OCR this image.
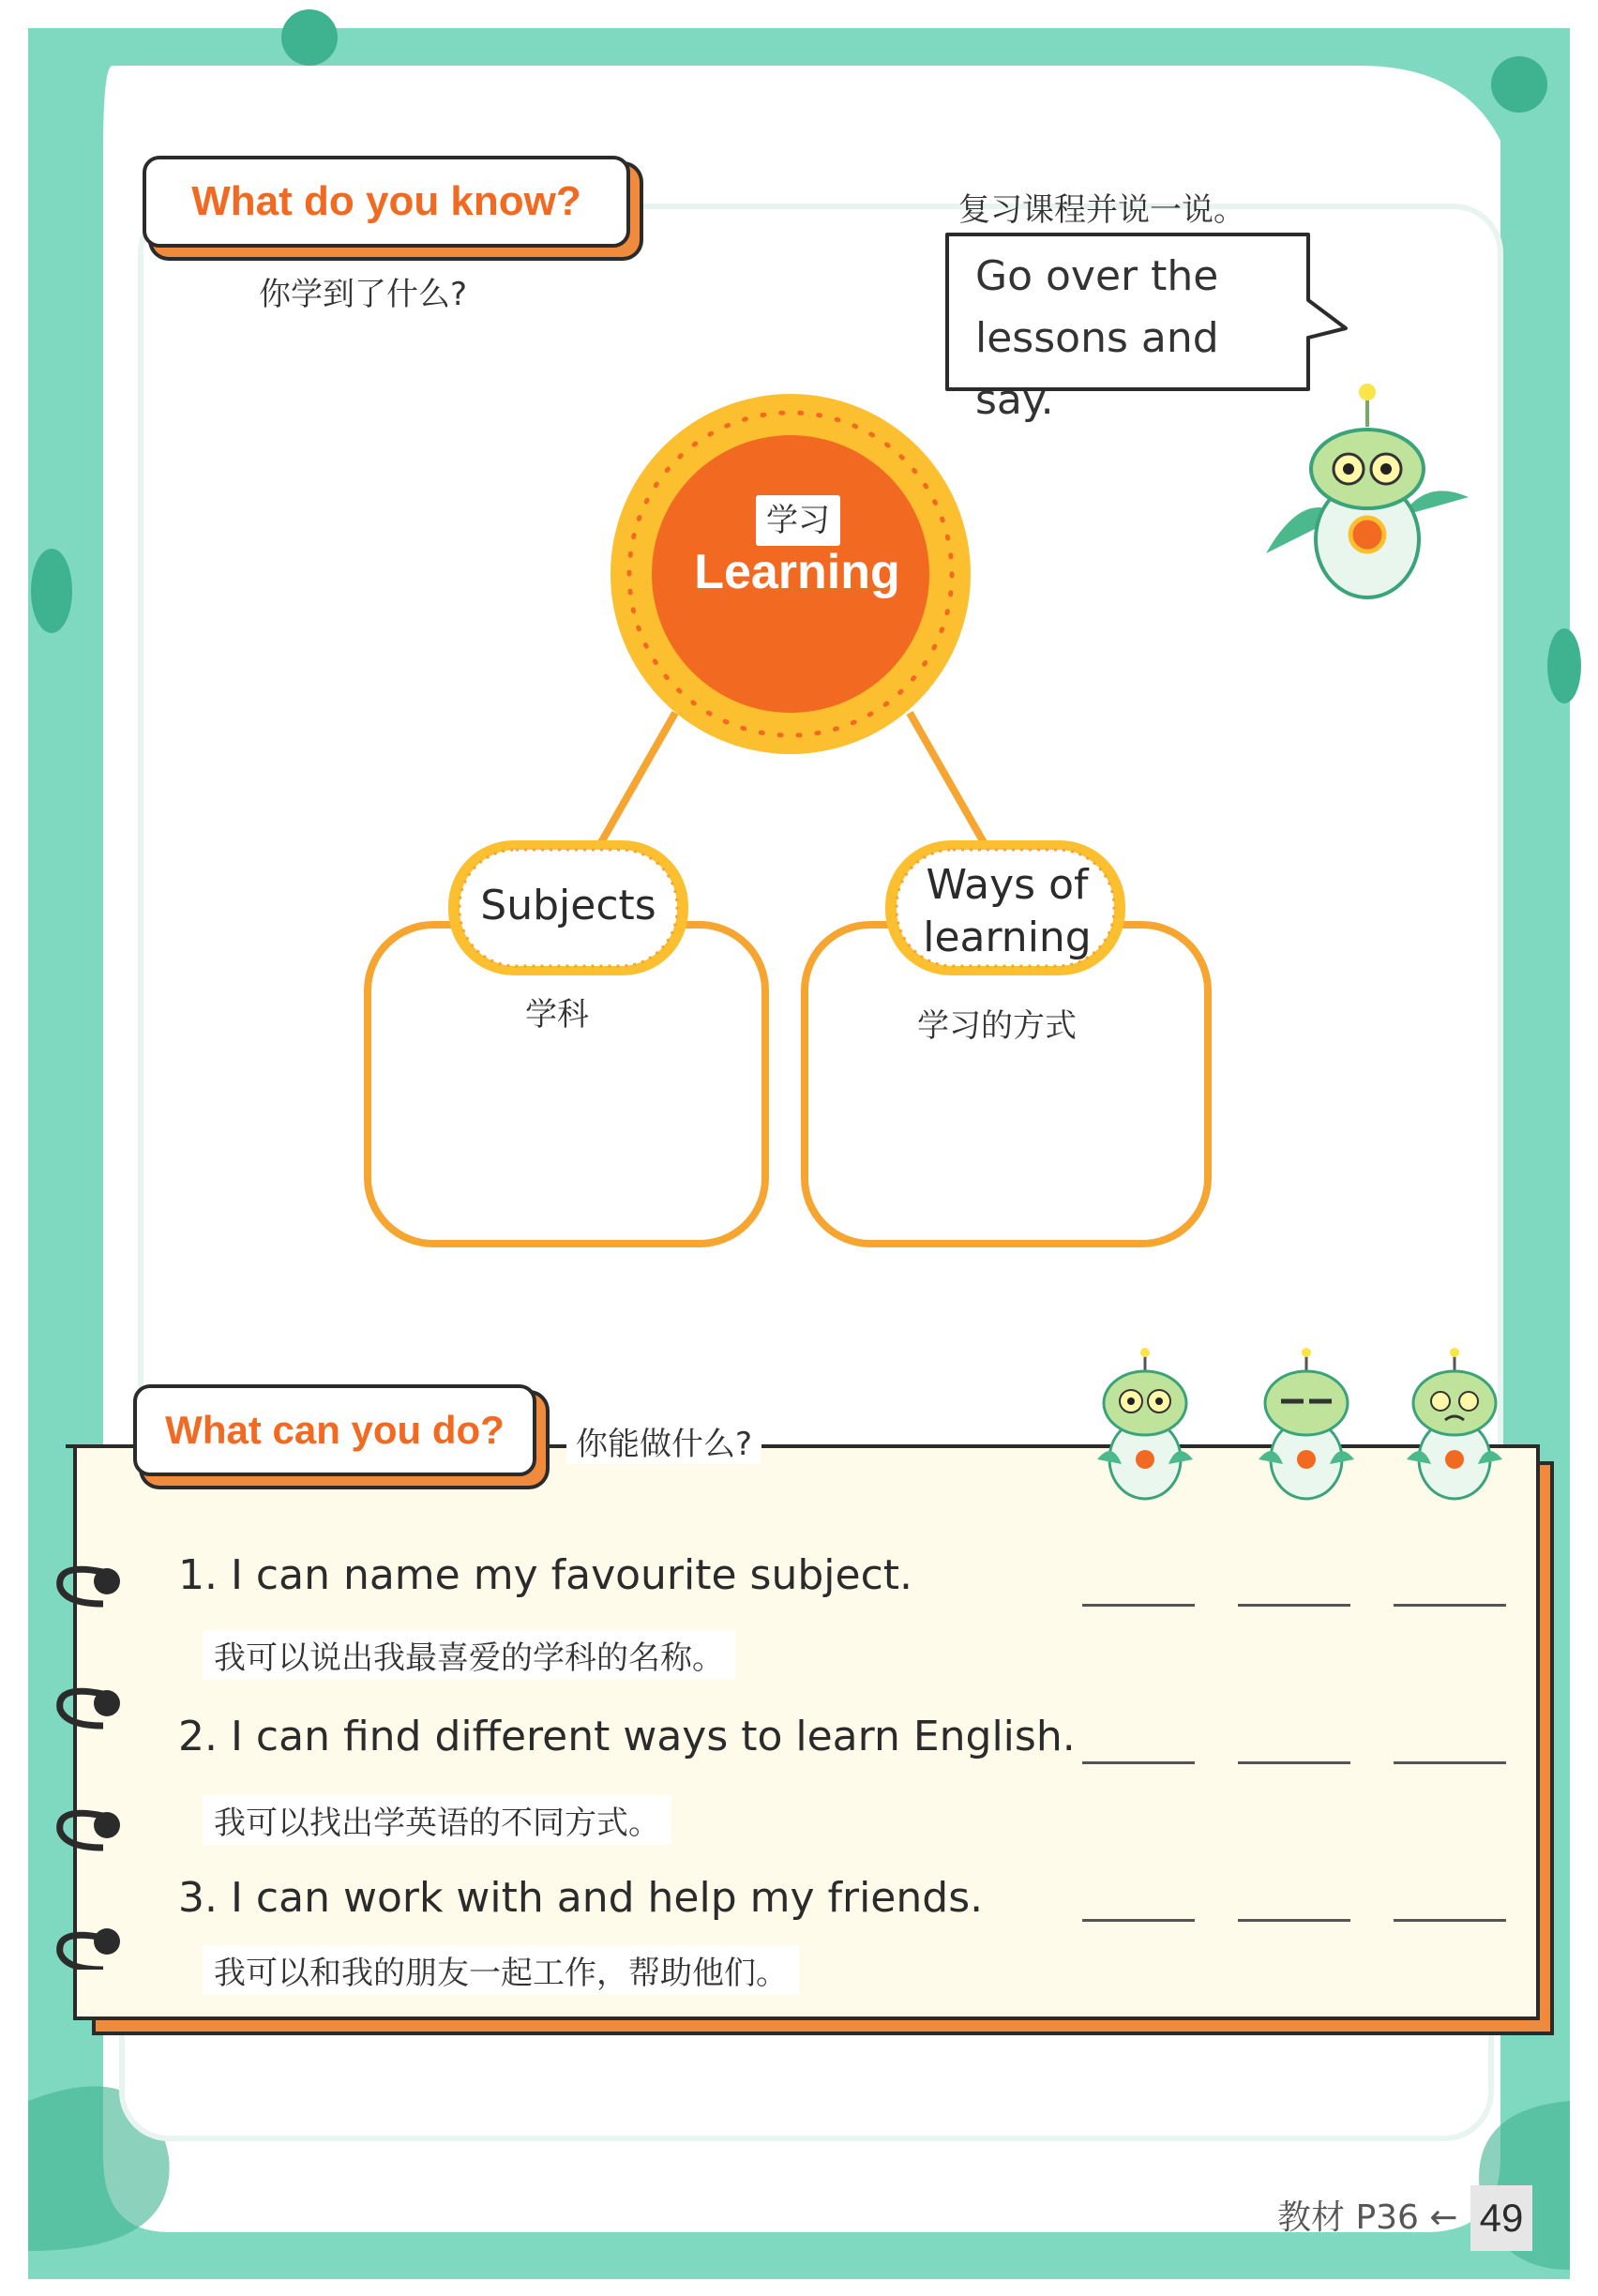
What do you know?
你学到了什么?
复习课程并说一说。
Go over the lessons and say.
学习
Learning
Subjects
学科
Ways of learning
学习的方式
What can you do?	你能做什么?
1. I can name my favourite subject.
我可以说出我最喜爱的学科的名称。
2. I can find different ways to learn English.
我可以找出学英语的不同方式。
3. I can work with and help my friends.
我可以和我的朋友一起工作，帮助他们。
教材 P36 ← 49
